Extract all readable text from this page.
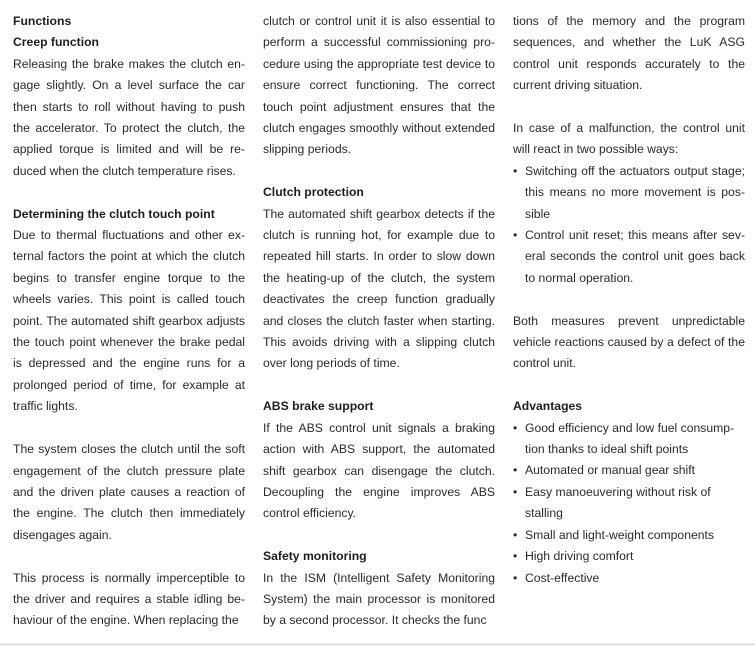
Functions
Creep function

Releasing the brake makes the clutch engage slightly. On a level surface the car then starts to roll without having to push the accelerator. To protect the clutch, the applied torque is limited and will be reduced when the clutch temperature rises.

Determining the clutch touch point

Due to thermal fluctuations and other external factors the point at which the clutch begins to transfer engine torque to the wheels varies. This point is called touch point. The automated shift gearbox adjusts the touch point whenever the brake pedal is depressed and the engine runs for a prolonged period of time, for example at traffic lights.

The system closes the clutch until the soft engagement of the clutch pressure plate and the driven plate causes a reaction of the engine. The clutch then immediately disengages again.

This process is normally imperceptible to the driver and requires a stable idling behaviour of the engine. When replacing the

clutch or control unit it is also essential to perform a successful commissioning procedure using the appropriate test device to ensure correct functioning. The correct touch point adjustment ensures that the clutch engages smoothly without extended slipping periods.

Clutch protection

The automated shift gearbox detects if the clutch is running hot, for example due to repeated hill starts. In order to slow down the heating-up of the clutch, the system deactivates the creep function gradually and closes the clutch faster when starting. This avoids driving with a slipping clutch over long periods of time.

ABS brake support

If the ABS control unit signals a braking action with ABS support, the automated shift gearbox can disengage the clutch. Decoupling the engine improves ABS control efficiency.

Safety monitoring

In the ISM (Intelligent Safety Monitoring System) the main processor is monitored by a second processor. It checks the func

tions of the memory and the program sequences, and whether the LuK ASG control unit responds accurately to the current driving situation.

In case of a malfunction, the control unit will react in two possible ways:

• Switching off the actuators output stage; this means no more movement is possible
• Control unit reset; this means after several seconds the control unit goes back to normal operation.

Both measures prevent unpredictable vehicle reactions caused by a defect of the control unit.

Advantages
• Good efficiency and low fuel consumption thanks to ideal shift points
• Automated or manual gear shift
• Easy manoeuvering without risk of stalling
• Small and light-weight components
• High driving comfort
• Cost-effective
